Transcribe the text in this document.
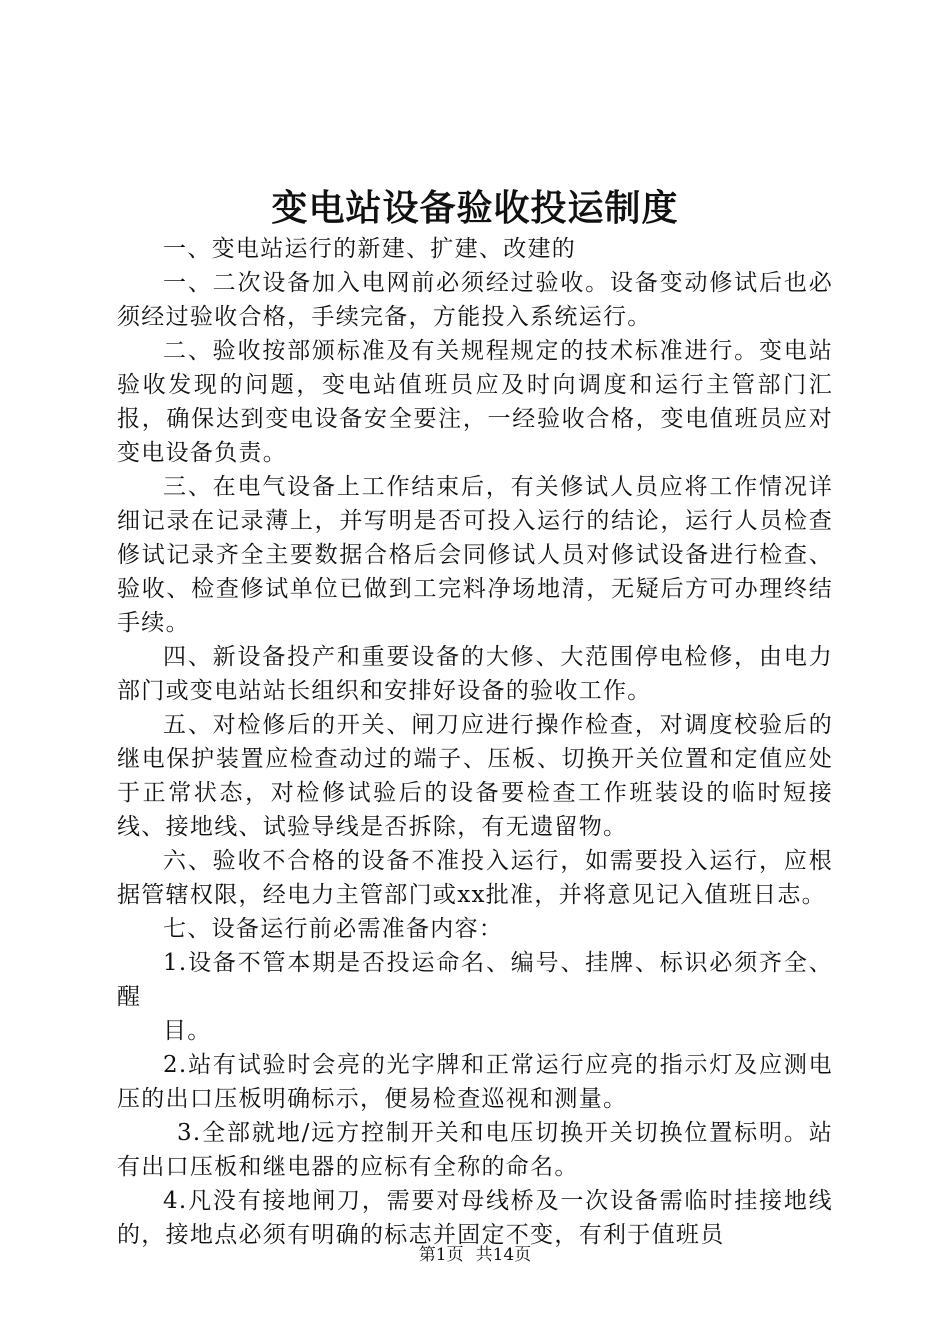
变电站设备验收投运制度

一、变电站运行的新建、扩建、改建的

一、二次设备加入电网前必须经过验收。设备变动修试后也必须经过验收合格，手续完备，方能投入系统运行。

二、验收按部颁标准及有关规程规定的技术标准进行。变电站验收发现的问题，变电站值班员应及时向调度和运行主管部门汇报，确保达到变电设备安全要注，一经验收合格，变电值班员应对变电设备负责。

三、在电气设备上工作结束后，有关修试人员应将工作情况详细记录在记录薄上，并写明是否可投入运行的结论，运行人员检查修试记录齐全主要数据合格后会同修试人员对修试设备进行检查、验收、检查修试单位已做到工完料净场地清，无疑后方可办理终结手续。

四、新设备投产和重要设备的大修、大范围停电检修，由电力部门或变电站站长组织和安排好设备的验收工作。

五、对检修后的开关、闸刀应进行操作检查，对调度校验后的继电保护装置应检查动过的端子、压板、切换开关位置和定值应处于正常状态，对检修试验后的设备要检查工作班装设的临时短接线、接地线、试验导线是否拆除，有无遗留物。

六、验收不合格的设备不准投入运行，如需要投入运行，应根据管辖权限，经电力主管部门或xx批准，并将意见记入值班日志。

七、设备运行前必需准备内容：

1.设备不管本期是否投运命名、编号、挂牌、标识必须齐全、醒

目。

2.站有试验时会亮的光字牌和正常运行应亮的指示灯及应测电压的出口压板明确标示，便易检查巡视和测量。

3.全部就地/远方控制开关和电压切换开关切换位置标明。站有出口压板和继电器的应标有全称的命名。

4.凡没有接地闸刀，需要对母线桥及一次设备需临时挂接地线的，接地点必须有明确的标志并固定不变，有利于值班员

第1页 共14页
